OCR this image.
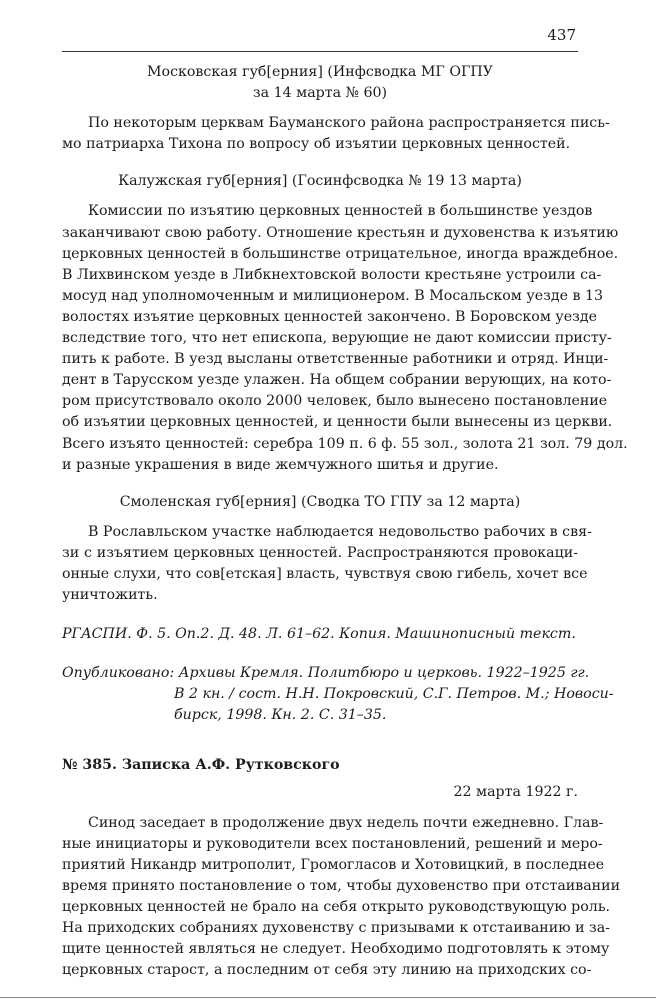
437
Московская губ[ерния] (Инфсводка МГ ОГПУ
за 14 марта № 60)
По некоторым церквам Бауманского района распространяется пись-
мо патриарха Тихона по вопросу об изъятии церковных ценностей.
Калужская губ[ерния] (Госинфсводка № 19 13 марта)
Комиссии по изъятию церковных ценностей в большинстве уездов
заканчивают свою работу. Отношение крестьян и духовенства к изъятию
церковных ценностей в большинстве отрицательное, иногда враждебное.
В Лихвинском уезде в Либкнехтовской волости крестьяне устроили са-
мосуд над уполномоченным и милиционером. В Мосальском уезде в 13
волостях изъятие церковных ценностей закончено. В Боровском уезде
вследствие того, что нет епископа, верующие не дают комиссии присту-
пить к работе. В уезд высланы ответственные работники и отряд. Инци-
дент в Тарусском уезде улажен. На общем собрании верующих, на кото-
ром присутствовало около 2000 человек, было вынесено постановление
об изъятии церковных ценностей, и ценности были вынесены из церкви.
Всего изъято ценностей: серебра 109 п. 6 ф. 55 зол., золота 21 зол. 79 дол.
и разные украшения в виде жемчужного шитья и другие.
Смоленская губ[ерния] (Сводка ТО ГПУ за 12 марта)
В Рославльском участке наблюдается недовольство рабочих в свя-
зи с изъятием церковных ценностей. Распространяются провокаци-
онные слухи, что сов[етская] власть, чувствуя свою гибель, хочет все
уничтожить.
РГАСПИ. Ф. 5. Оп.2. Д. 48. Л. 61–62. Копия. Машинописный текст.
Опубликовано: Архивы Кремля. Политбюро и церковь. 1922–1925 гг.
В 2 кн. / сост. Н.Н. Покровский, С.Г. Петров. М.; Новоси-
бирск, 1998. Кн. 2. С. 31–35.
№ 385. Записка А.Ф. Рутковского
22 марта 1922 г.
Синод заседает в продолжение двух недель почти ежедневно. Глав-
ные инициаторы и руководители всех постановлений, решений и меро-
приятий Никандр митрополит, Громогласов и Хотовицкий, в последнее
время принято постановление о том, чтобы духовенство при отстаивании
церковных ценностей не брало на себя открыто руководствующую роль.
На приходских собраниях духовенству с призывами к отстаиванию и за-
щите ценностей являться не следует. Необходимо подготовлять к этому
церковных старост, а последним от себя эту линию на приходских со-
